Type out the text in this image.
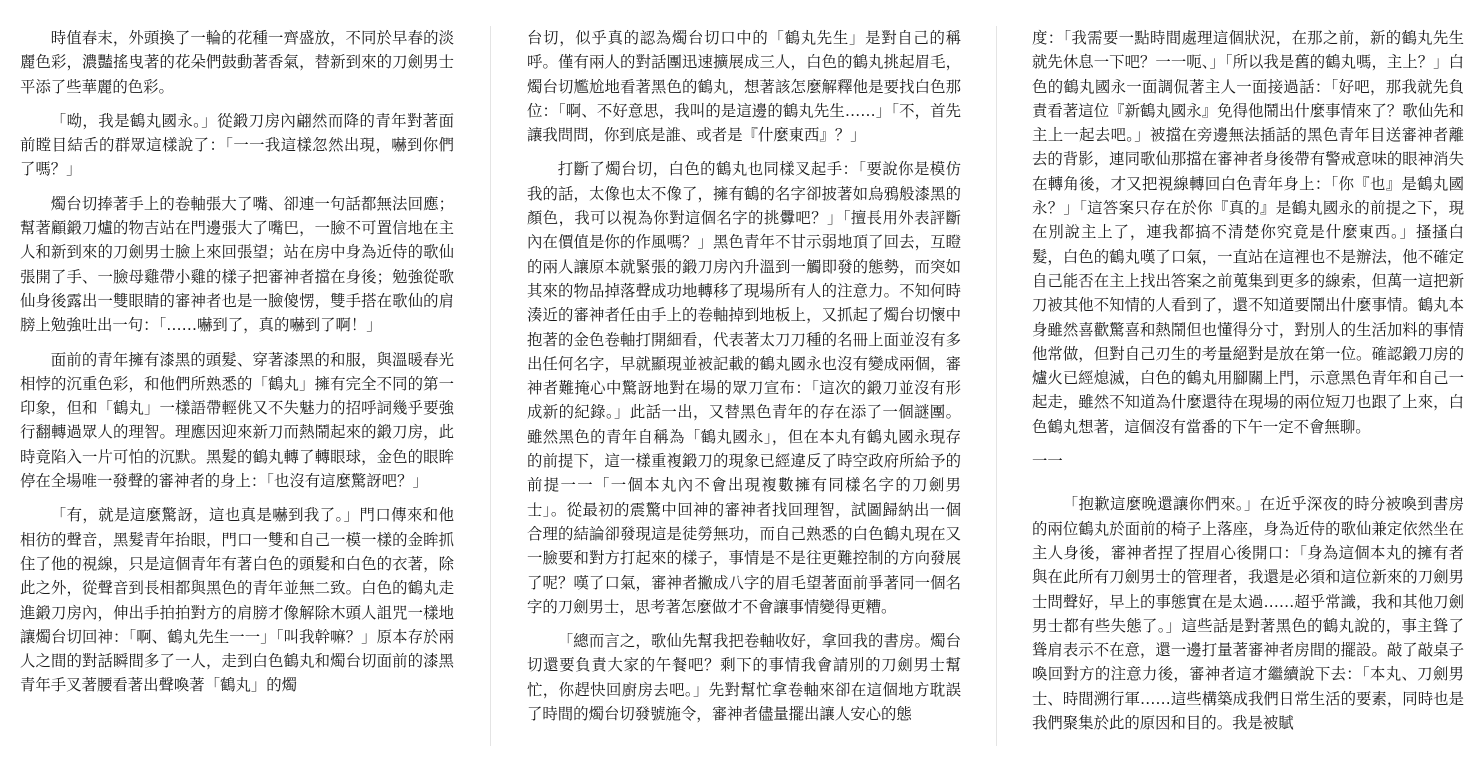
時值春末，外頭換了一輪的花種一齊盛放，不同於早春的淡麗色彩，濃豔搖曳著的花朵們鼓動著香氣，替新到來的刀劍男士平添了些華麗的色彩。

「呦，我是鶴丸國永。」從鍛刀房內翩然而降的青年對著面前瞠目結舌的群眾這樣說了：「一一我這樣忽然出現，嚇到你們了嗎？」

燭台切捧著手上的卷軸張大了嘴、卻連一句話都無法回應；幫著顧鍛刀爐的物吉站在門邊張大了嘴巴，一臉不可置信地在主人和新到來的刀劍男士臉上來回張望；站在房中身為近侍的歌仙張開了手、一臉母雞帶小雞的樣子把審神者擋在身後；勉強從歌仙身後露出一雙眼睛的審神者也是一臉傻愣，雙手搭在歌仙的肩膀上勉強吐出一句：「……嚇到了，真的嚇到了啊！」

面前的青年擁有漆黑的頭髮、穿著漆黑的和服，與溫暖春光相悖的沉重色彩，和他們所熟悉的「鶴丸」擁有完全不同的第一印象，但和「鶴丸」一樣語帶輕佻又不失魅力的招呼詞幾乎要強行翻轉過眾人的理智。理應因迎來新刀而熱鬧起來的鍛刀房，此時竟陷入一片可怕的沉默。黑髮的鶴丸轉了轉眼球，金色的眼眸停在全場唯一發聲的審神者的身上：「也沒有這麼驚訝吧？」

「有，就是這麼驚訝，這也真是嚇到我了。」門口傳來和他相彷的聲音，黑髮青年抬眼，門口一雙和自己一模一樣的金眸抓住了他的視線，只是這個青年有著白色的頭髮和白色的衣著，除此之外，從聲音到長相都與黑色的青年並無二致。白色的鶴丸走進鍛刀房內，伸出手拍拍對方的肩膀才像解除木頭人詛咒一樣地讓燭台切回神：「啊、鶴丸先生一一」「叫我幹嘛？」原本存於兩人之間的對話瞬間多了一人，走到白色鶴丸和燭台切面前的漆黑青年手叉著腰看著出聲喚著「鶴丸」的燭

台切，似乎真的認為燭台切口中的「鶴丸先生」是對自己的稱呼。僅有兩人的對話團迅速擴展成三人，白色的鶴丸挑起眉毛，燭台切尷尬地看著黑色的鶴丸，想著該怎麼解釋他是要找白色那位：「啊、不好意思，我叫的是這邊的鶴丸先生……」「不，首先讓我問問，你到底是誰、或者是『什麼東西』？」

打斷了燭台切，白色的鶴丸也同樣叉起手：「要說你是模仿我的話，太像也太不像了，擁有鶴的名字卻披著如烏鴉般漆黑的顏色，我可以視為你對這個名字的挑釁吧？」「擅長用外表評斷內在價值是你的作風嗎？」黑色青年不甘示弱地頂了回去，互瞪的兩人讓原本就緊張的鍛刀房內升溫到一觸即發的態勢，而突如其來的物品掉落聲成功地轉移了現場所有人的注意力。不知何時湊近的審神者任由手上的卷軸掉到地板上，又抓起了燭台切懷中抱著的金色卷軸打開細看，代表著太刀刀種的名冊上面並沒有多出任何名字，早就顯現並被記載的鶴丸國永也沒有變成兩個，審神者難掩心中驚訝地對在場的眾刀宣布：「這次的鍛刀並沒有形成新的紀錄。」此話一出，又替黑色青年的存在添了一個謎團。雖然黑色的青年自稱為「鶴丸國永」，但在本丸有鶴丸國永現存的前提下，這一樣重複鍛刀的現象已經違反了時空政府所給予的前提一一「一個本丸內不會出現複數擁有同樣名字的刀劍男士」。從最初的震驚中回神的審神者找回理智，試圖歸納出一個合理的結論卻發現這是徒勞無功，而自己熟悉的白色鶴丸現在又一臉要和對方打起來的樣子，事情是不是往更難控制的方向發展了呢？嘆了口氣，審神者撇成八字的眉毛望著面前爭著同一個名字的刀劍男士，思考著怎麼做才不會讓事情變得更糟。

「總而言之，歌仙先幫我把卷軸收好，拿回我的書房。燭台切還要負責大家的午餐吧？剩下的事情我會請別的刀劍男士幫忙，你趕快回廚房去吧。」先對幫忙拿卷軸來卻在這個地方耽誤了時間的燭台切發號施令，審神者儘量擺出讓人安心的態

度：「我需要一點時間處理這個狀況，在那之前，新的鶴丸先生就先休息一下吧？一一呃、」「所以我是舊的鶴丸嗎，主上？」白色的鶴丸國永一面調侃著主人一面接過話：「好吧，那我就先負責看著這位『新鶴丸國永』免得他鬧出什麼事情來了？歌仙先和主上一起去吧。」被擋在旁邊無法插話的黑色青年目送審神者離去的背影，連同歌仙那擋在審神者身後帶有警戒意味的眼神消失在轉角後，才又把視線轉回白色青年身上：「你『也』是鶴丸國永？」「這答案只存在於你『真的』是鶴丸國永的前提之下，現在別說主上了，連我都搞不清楚你究竟是什麼東西。」搔搔白髮，白色的鶴丸嘆了口氣，一直站在這裡也不是辦法，他不確定自己能否在主上找出答案之前蒐集到更多的線索，但萬一這把新刀被其他不知情的人看到了，還不知道要鬧出什麼事情。鶴丸本身雖然喜歡驚喜和熱鬧但也懂得分寸，對別人的生活加料的事情他常做，但對自己刃生的考量絕對是放在第一位。確認鍛刀房的爐火已經熄滅，白色的鶴丸用腳關上門，示意黑色青年和自己一起走，雖然不知道為什麼還待在現場的兩位短刀也跟了上來，白色鶴丸想著，這個沒有當番的下午一定不會無聊。

一一

「抱歉這麼晚還讓你們來。」在近乎深夜的時分被喚到書房的兩位鶴丸於面前的椅子上落座，身為近侍的歌仙兼定依然坐在主人身後，審神者捏了捏眉心後開口：「身為這個本丸的擁有者與在此所有刀劍男士的管理者，我還是必須和這位新來的刀劍男士問聲好，早上的事態實在是太過……超乎常識，我和其他刀劍男士都有些失態了。」這些話是對著黑色的鶴丸說的，事主聳了聳肩表示不在意，還一邊打量著審神者房間的擺設。敲了敲桌子喚回對方的注意力後，審神者這才繼續說下去：「本丸、刀劍男士、時間溯行軍……這些構築成我們日常生活的要素，同時也是我們聚集於此的原因和目的。我是被賦
